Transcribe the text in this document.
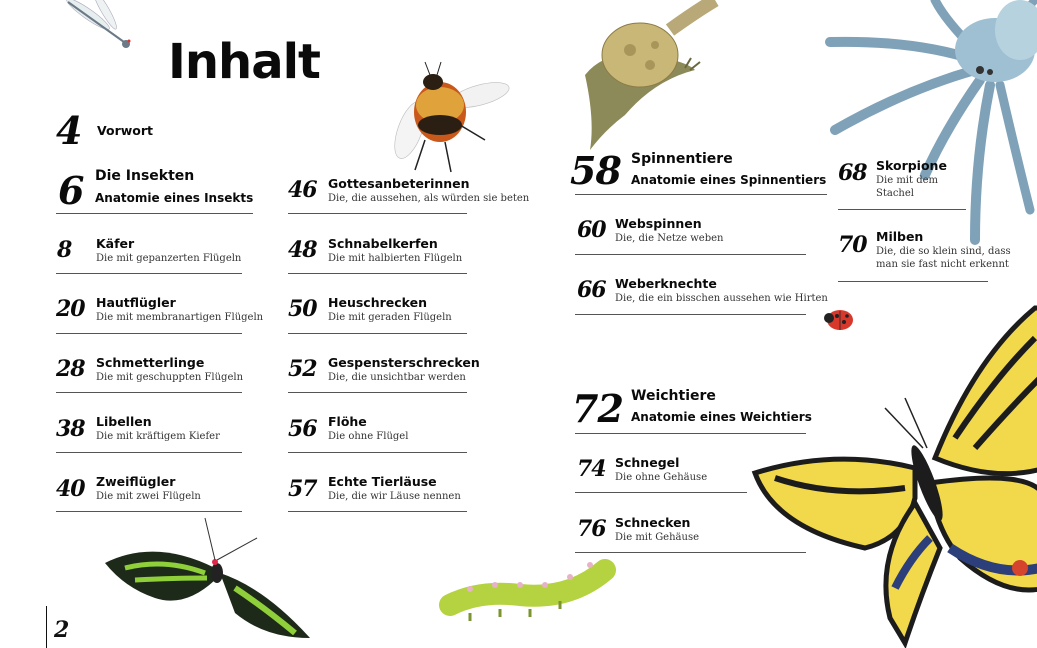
Inhalt
4 Vorwort
6 Die Insekten
Anatomie eines Insekts
8 Käfer
Die mit gepanzerten Flügeln
20 Hautflügler
Die mit membranartigen Flügeln
28 Schmetterlinge
Die mit geschuppten Flügeln
38 Libellen
Die mit kräftigem Kiefer
40 Zweiflügler
Die mit zwei Flügeln
46 Gottesanbeterinnen
Die, die aussehen, als würden sie beten
48 Schnabelkerfen
Die mit halbierten Flügeln
50 Heuschrecken
Die mit geraden Flügeln
52 Gespensterschrecken
Die, die unsichtbar werden
56 Flöhe
Die ohne Flügel
57 Echte Tierläuse
Die, die wir Läuse nennen
58 Spinnentiere
Anatomie eines Spinnentiers
60 Webspinnen
Die, die Netze weben
66 Weberknechte
Die, die ein bisschen aussehen wie Hirten
72 Weichtiere
Anatomie eines Weichtiers
74 Schnegel
Die ohne Gehäuse
76 Schnecken
Die mit Gehäuse
68 Skorpione
Die mit dem
Stachel
70 Milben
Die, die so klein sind, dass
man sie fast nicht erkennt
2
